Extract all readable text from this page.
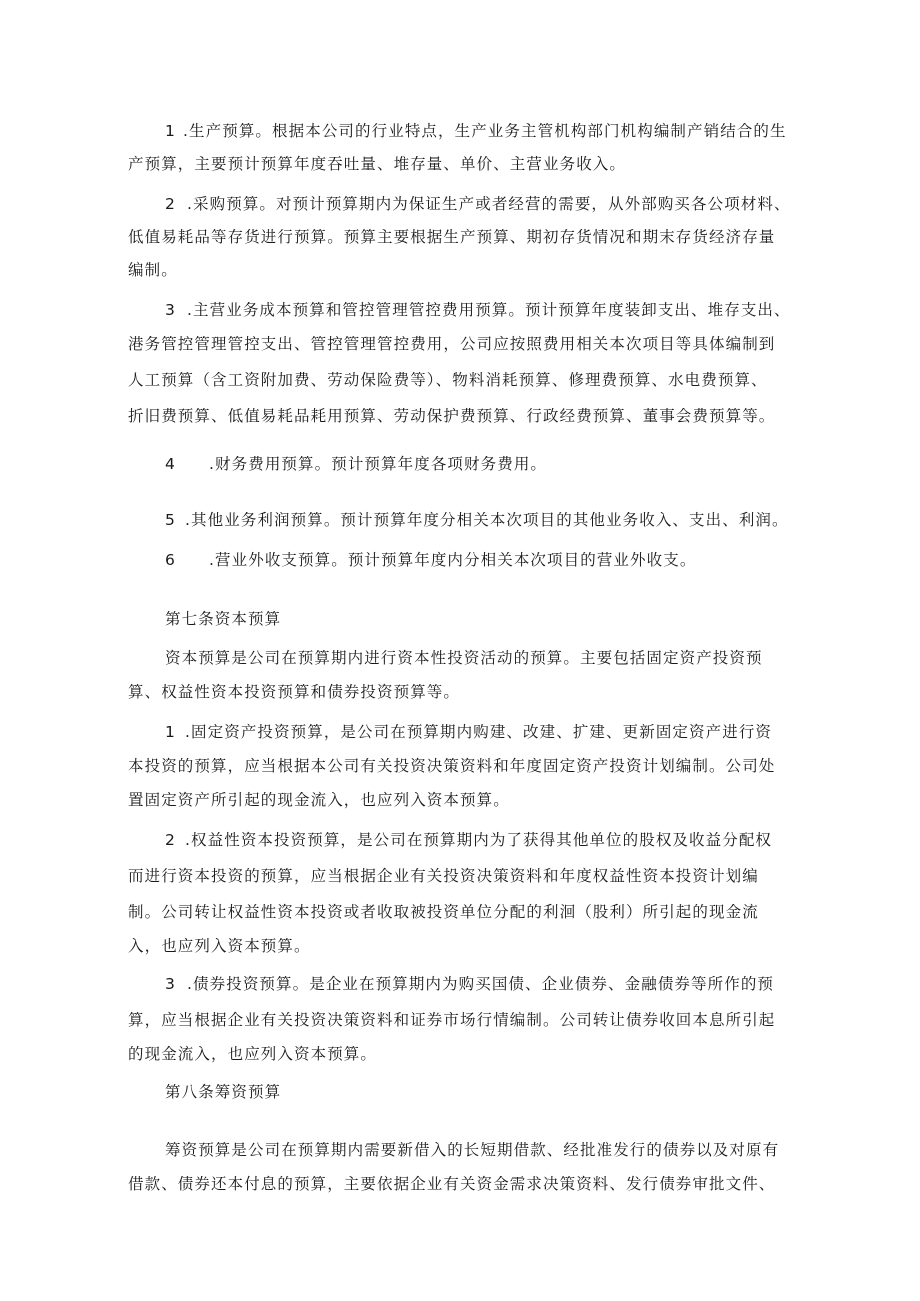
1 .生产预算。根据本公司的行业特点，生产业务主管机构部门机构编制产销结合的生
产预算，主要预计预算年度吞吐量、堆存量、单价、主营业务收入。
2 .采购预算。对预计预算期内为保证生产或者经营的需要，从外部购买各公项材料、
低值易耗品等存货进行预算。预算主要根据生产预算、期初存货情况和期末存货经济存量
编制。
3 .主营业务成本预算和管控管理管控费用预算。预计预算年度装卸支出、堆存支出、
港务管控管理管控支出、管控管理管控费用，公司应按照费用相关本次项目等具体编制到
人工预算（含工资附加费、劳动保险费等）、物料消耗预算、修理费预算、水电费预算、
折旧费预算、低值易耗品耗用预算、劳动保护费预算、行政经费预算、董事会费预算等。
4 .财务费用预算。预计预算年度各项财务费用。
5 .其他业务利润预算。预计预算年度分相关本次项目的其他业务收入、支出、利润。
6 .营业外收支预算。预计预算年度内分相关本次项目的营业外收支。
第七条资本预算
资本预算是公司在预算期内进行资本性投资活动的预算。主要包括固定资产投资预
算、权益性资本投资预算和债券投资预算等。
1 .固定资产投资预算，是公司在预算期内购建、改建、扩建、更新固定资产进行资
本投资的预算，应当根据本公司有关投资决策资料和年度固定资产投资计划编制。公司处
置固定资产所引起的现金流入，也应列入资本预算。
2 .权益性资本投资预算，是公司在预算期内为了获得其他单位的股权及收益分配权
而进行资本投资的预算，应当根据企业有关投资决策资料和年度权益性资本投资计划编
制。公司转让权益性资本投资或者收取被投资单位分配的利洄（股利）所引起的现金流
入，也应列入资本预算。
3 .债券投资预算。是企业在预算期内为购买国债、企业债券、金融债券等所作的预
算，应当根据企业有关投资决策资料和证券市场行情编制。公司转让债券收回本息所引起
的现金流入，也应列入资本预算。
第八条筹资预算
筹资预算是公司在预算期内需要新借入的长短期借款、经批准发行的债券以及对原有
借款、债券还本付息的预算，主要依据企业有关资金需求决策资料、发行债券审批文件、
